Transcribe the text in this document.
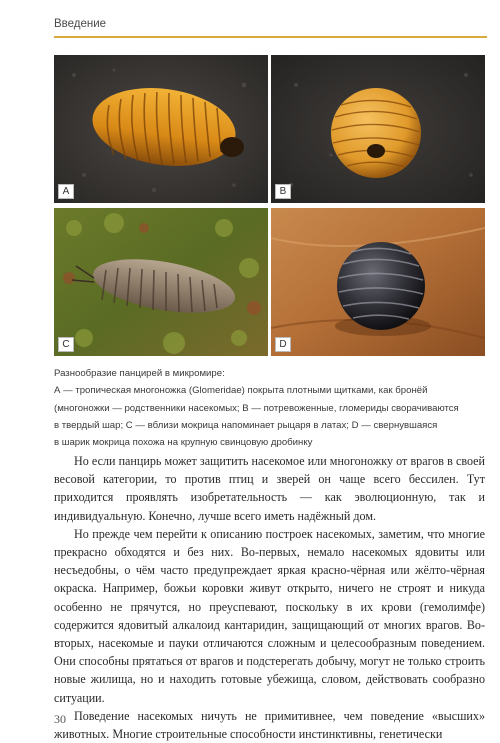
Введение
A	B
C	D

Разнообразие панцирей в микромире:

А — тропическая многоножка (Glomeridae) покрыта плотными щитками, как бронёй

(многоножки — родственники насекомых; В — потревоженные, гломериды сворачиваются

в твердый шар; С — вблизи мокрица напоминает рыцаря в латах; D — свернувшаяся

в шарик мокрица похожа на крупную свинцовую дробинку

Но если панцирь может защитить насекомое или многоножку от врагов в своей весовой категории, то против птиц и зверей он чаще всего бессилен. Тут приходится проявлять изобретательность — как эволюционную, так и индивидуальную. Конечно, лучше всего иметь надёжный дом.

Но прежде чем перейти к описанию построек насекомых, заметим, что многие прекрасно обходятся и без них. Во-первых, немало насекомых ядовиты или несъедобны, о чём часто предупреждает яркая красно-чёрная или жёлто-чёрная окраска. Например, божьи коровки живут открыто, ничего не строят и никуда особенно не прячутся, но преуспевают, поскольку в их крови (гемолимфе) содержится ядовитый алкалоид кантаридин, защищающий от многих врагов. Во-вторых, насекомые и пауки отличаются сложным и целесообразным поведением. Они способны прятаться от врагов и подстерегать добычу, могут не только строить новые жилища, но и находить готовые убежища, словом, действовать сообразно ситуации.

Поведение насекомых ничуть не примитивнее, чем поведение «высших» животных. Многие строительные способности инстинктивны, генетически

30
